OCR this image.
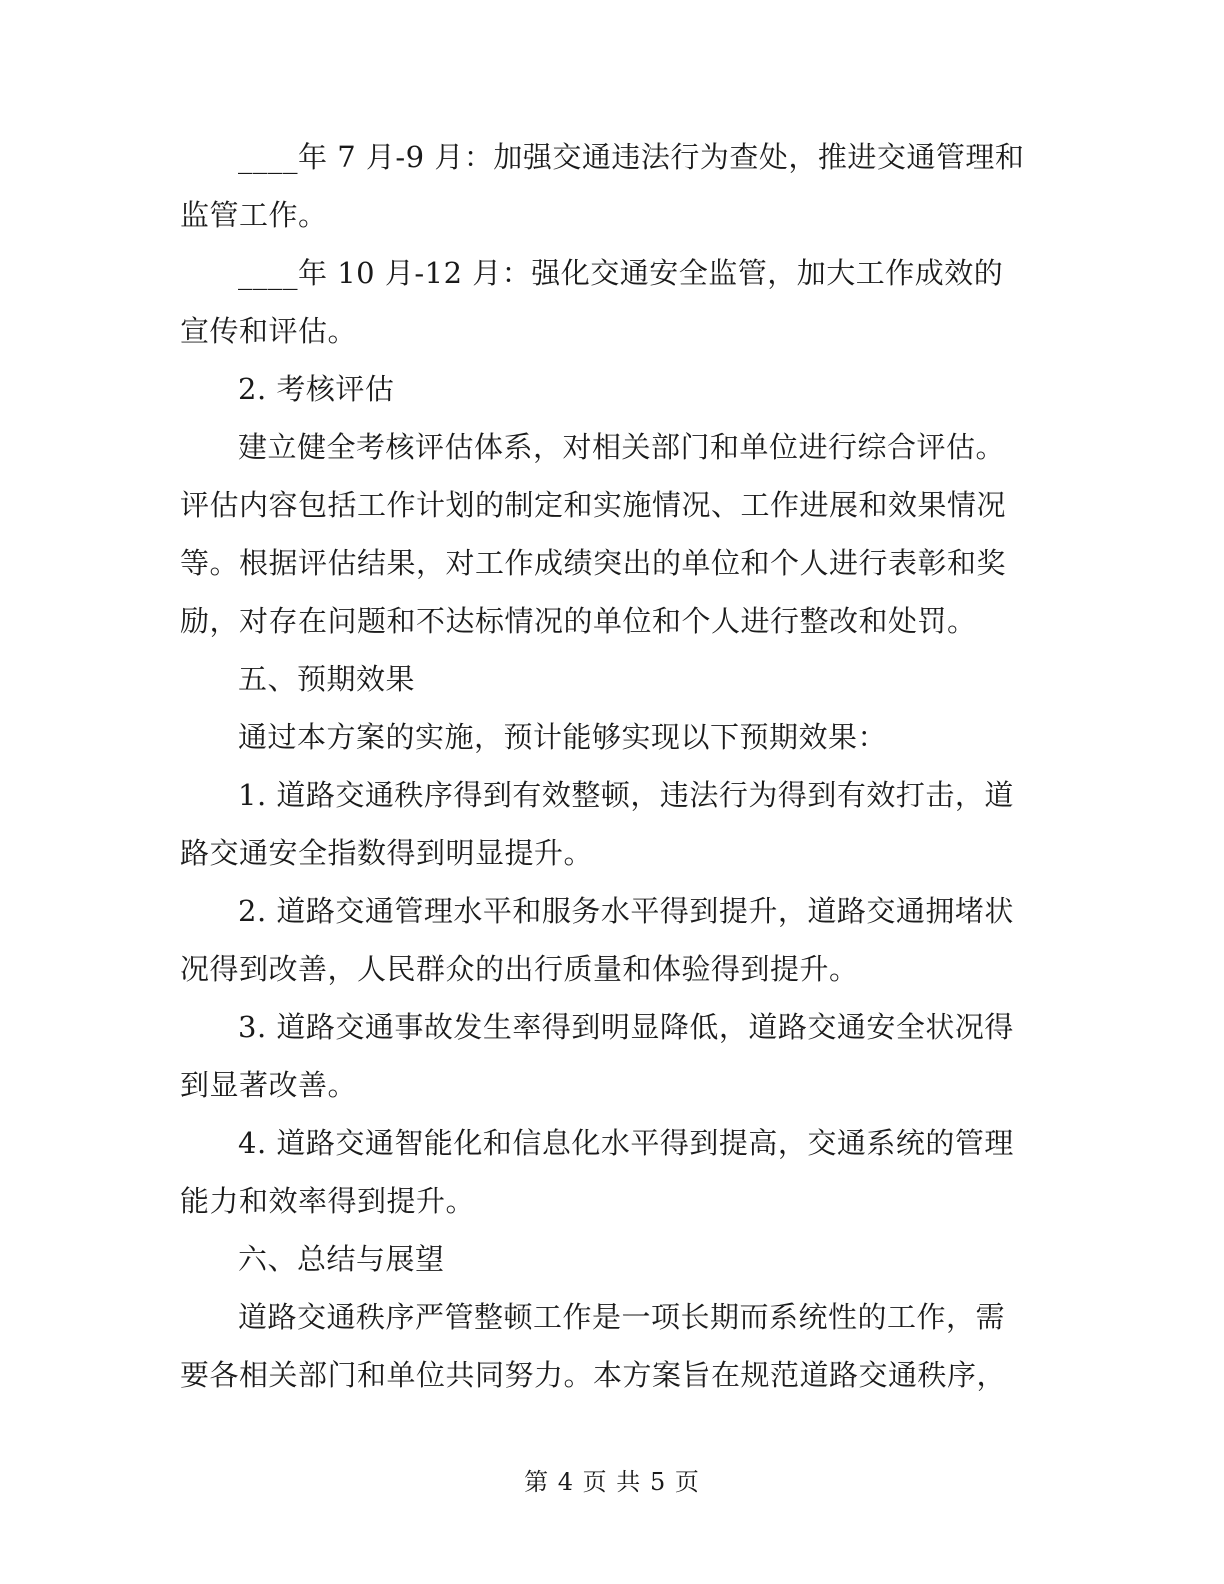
____年 7 月-9 月：加强交通违法行为查处，推进交通管理和监管工作。

____年 10 月-12 月：强化交通安全监管，加大工作成效的宣传和评估。

2. 考核评估

建立健全考核评估体系，对相关部门和单位进行综合评估。评估内容包括工作计划的制定和实施情况、工作进展和效果情况等。根据评估结果，对工作成绩突出的单位和个人进行表彰和奖励，对存在问题和不达标情况的单位和个人进行整改和处罚。

五、预期效果

通过本方案的实施，预计能够实现以下预期效果：

1. 道路交通秩序得到有效整顿，违法行为得到有效打击，道路交通安全指数得到明显提升。

2. 道路交通管理水平和服务水平得到提升，道路交通拥堵状况得到改善，人民群众的出行质量和体验得到提升。

3. 道路交通事故发生率得到明显降低，道路交通安全状况得到显著改善。

4. 道路交通智能化和信息化水平得到提高，交通系统的管理能力和效率得到提升。

六、总结与展望

道路交通秩序严管整顿工作是一项长期而系统性的工作，需要各相关部门和单位共同努力。本方案旨在规范道路交通秩序，

第 4 页 共 5 页
